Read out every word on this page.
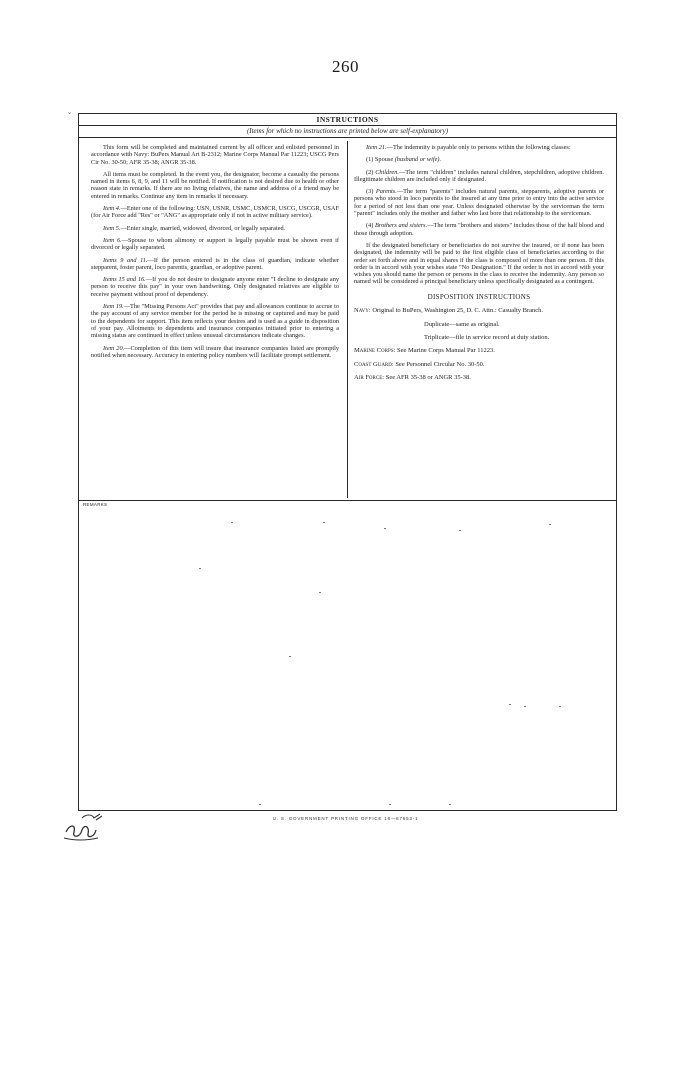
260
˘	INSTRUCTIONS
(Items for which no instructions are printed below are self-explanatory)

This form will be completed and maintained current by all officer and enlisted personnel in accordance with Navy: BuPers Manual Art B-2312; Marine Corps Manual Par 11223; USCG Pers Cir No. 30-50; AFR 35-38; ANGR 35-38.

All items must be completed. In the event you, the designator, become a casualty the persons named in items 6, 8, 9, and 11 will be notified. If notification is not desired due to health or other reason state in remarks. If there are no living relatives, the name and address of a friend may be entered in remarks. Continue any item in remarks if necessary.

Item 4.—Enter one of the following: USN, USNR, USMC, USMCR, USCG, USCGR, USAF (for Air Force add "Res" or "ANG" as appropriate only if not in active military service).

Item 5.—Enter single, married, widowed, divorced, or legally separated.

Item 6.—Spouse to whom alimony or support is legally payable must be shown even if divorced or legally separated.

Items 9 and 11.—If the person entered is in the class of guardian, indicate whether stepparent, foster parent, loco parentis, guardian, or adoptive parent.

Items 15 and 16.—If you do not desire to designate anyone enter "I decline to designate any person to receive this pay" in your own handwriting. Only designated relatives are eligible to receive payment without proof of dependency.

Item 19.—The "Missing Persons Act" provides that pay and allowances continue to accrue to the pay account of any service member for the period he is missing or captured and may be paid to the dependents for support. This item reflects your desires and is used as a guide in disposition of your pay. Allotments to dependents and insurance companies initiated prior to entering a missing status are continued in effect unless unusual circumstances indicate changes.

Item 20.—Completion of this item will insure that insurance companies listed are promptly notified when necessary. Accuracy in entering policy numbers will facilitate prompt settlement.

Item 21.—The indemnity is payable only to persons within the following classes:

(1) Spouse (husband or wife).
(2) Children.—The term "children" includes natural children, stepchildren, adoptive children. Illegitimate children are included only if designated.
(3) Parents.—The term "parents" includes natural parents, stepparents, adoptive parents or persons who stood in loco parentis to the insured at any time prior to entry into the active service for a period of not less than one year. Unless designated otherwise by the serviceman the term "parent" includes only the mother and father who last bore that relationship to the serviceman.
(4) Brothers and sisters.—The term "brothers and sisters" includes those of the half blood and those through adoption.

If the designated beneficiary or beneficiaries do not survive the insured, or if none has been designated, the indemnity will be paid to the first eligible class of beneficiaries according to the order set forth above and in equal shares if the class is composed of more than one person. If this order is in accord with your wishes state "No Designation." If the order is not in accord with your wishes you should name the person or persons in the class to receive the indemnity. Any person so named will be considered a principal beneficiary unless specifically designated as a contingent.

DISPOSITION INSTRUCTIONS
Navy: Original to BuPers, Washington 25, D. C. Attn.: Casualty Branch.
Duplicate—same as original.
Triplicate—file in service record at duty station.
Marine Corps: See Marine Corps Manual Par 11223.
Coast Guard: See Personnel Circular No. 30-50.
Air Force: See AFR 35-38 or ANGR 35-38.
REMARKS
U. S. GOVERNMENT PRINTING OFFICE 16—67653-1
